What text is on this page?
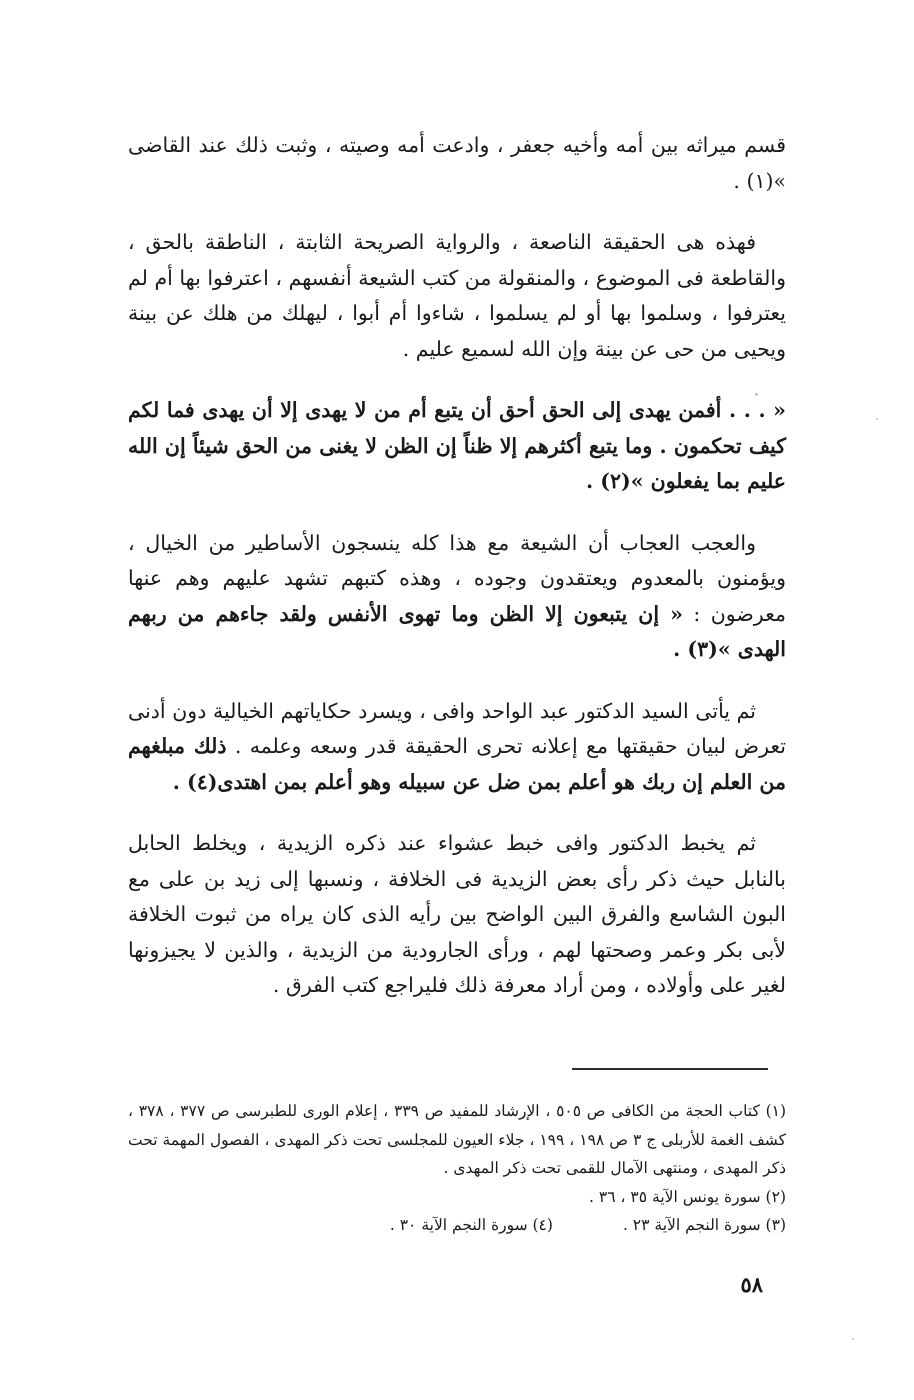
قسم ميراثه بين أمه وأخيه جعفر ، وادعت أمه وصيته ، وثبت ذلك عند القاضى »(١) .

فهذه هى الحقيقة الناصعة ، والرواية الصريحة الثابتة ، الناطقة بالحق ، والقاطعة فى الموضوع ، والمنقولة من كتب الشيعة أنفسهم ، اعترفوا بها أم لم يعترفوا ، وسلموا بها أو لم يسلموا ، شاءوا أم أبوا ، ليهلك من هلك عن بينة ويحيى من حى عن بينة وإن الله لسميع عليم .

« . . . أفمن يهدى إلى الحق أحق أن يتبع أم من لا يهدى إلا أن يهدى فما لكم كيف تحكمون . وما يتبع أكثرهم إلا ظناً إن الظن لا يغنى من الحق شيئاً إن الله عليم بما يفعلون »(٢) .

والعجب العجاب أن الشيعة مع هذا كله ينسجون الأساطير من الخيال ، ويؤمنون بالمعدوم ويعتقدون وجوده ، وهذه كتبهم تشهد عليهم وهم عنها معرضون : « إن يتبعون إلا الظن وما تهوى الأنفس ولقد جاءهم من ربهم الهدى »(٣) .

ثم يأتى السيد الدكتور عبد الواحد وافى ، ويسرد حكاياتهم الخيالية دون أدنى تعرض لبيان حقيقتها مع إعلانه تحرى الحقيقة قدر وسعه وعلمه . ذلك مبلغهم من العلم إن ربك هو أعلم بمن ضل عن سبيله وهو أعلم بمن اهتدى(٤) .

ثم يخبط الدكتور وافى خبط عشواء عند ذكره الزيدية ، ويخلط الحابل بالنابل حيث ذكر رأى بعض الزيدية فى الخلافة ، ونسبها إلى زيد بن على مع البون الشاسع والفرق البين الواضح بين رأيه الذى كان يراه من ثبوت الخلافة لأبى بكر وعمر وصحتها لهم ، ورأى الجارودية من الزيدية ، والذين لا يجيزونها لغير على وأولاده ، ومن أراد معرفة ذلك فليراجع كتب الفرق .

(١) كتاب الحجة من الكافى ص ٥٠٥ ، الإرشاد للمفيد ص ٣٣٩ ، إعلام الورى للطبرسى ص ٣٧٧ ، ٣٧٨ ، كشف الغمة للأربلى ج ٣ ص ١٩٨ ، ١٩٩ ، جلاء العيون للمجلسى تحت ذكر المهدى ، الفصول المهمة تحت ذكر المهدى ، ومنتهى الآمال للقمى تحت ذكر المهدى .

(٢) سورة يونس الآية ٣٥ ، ٣٦ .

(٣) سورة النجم الآية ٢٣ .
(٤) سورة النجم الآية ٣٠ .
٥٨
